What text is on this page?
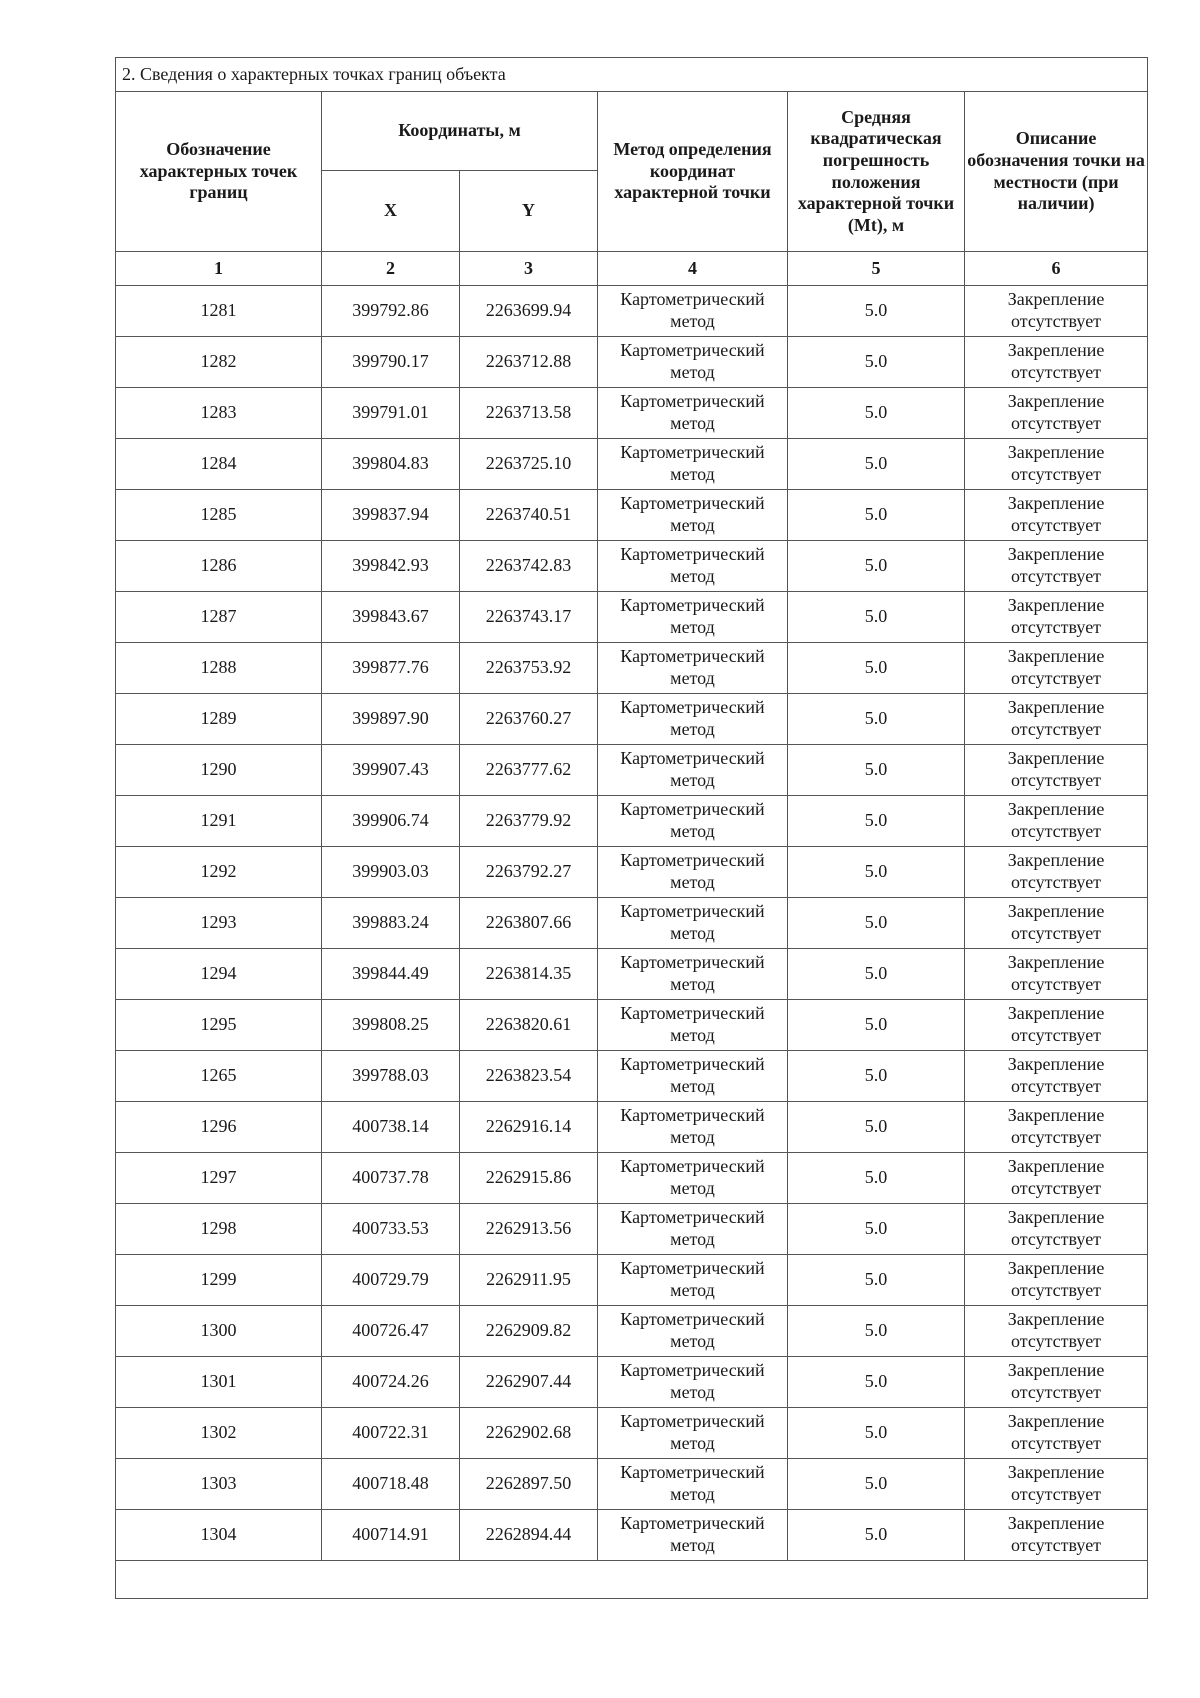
2. Сведения о характерных точках границ объекта					
Обозначение характерных точек границ	Координаты, м		Метод определения координат характерной точки	Средняя квадратическая погрешность положения характерной точки (Mt), м	Описание обозначения точки на местности (при наличии)
	X	Y			
1	2	3	4	5	6
1281	399792.86	2263699.94	Картометрический метод	5.0	Закрепление отсутствует
1282	399790.17	2263712.88	Картометрический метод	5.0	Закрепление отсутствует
1283	399791.01	2263713.58	Картометрический метод	5.0	Закрепление отсутствует
1284	399804.83	2263725.10	Картометрический метод	5.0	Закрепление отсутствует
1285	399837.94	2263740.51	Картометрический метод	5.0	Закрепление отсутствует
1286	399842.93	2263742.83	Картометрический метод	5.0	Закрепление отсутствует
1287	399843.67	2263743.17	Картометрический метод	5.0	Закрепление отсутствует
1288	399877.76	2263753.92	Картометрический метод	5.0	Закрепление отсутствует
1289	399897.90	2263760.27	Картометрический метод	5.0	Закрепление отсутствует
1290	399907.43	2263777.62	Картометрический метод	5.0	Закрепление отсутствует
1291	399906.74	2263779.92	Картометрический метод	5.0	Закрепление отсутствует
1292	399903.03	2263792.27	Картометрический метод	5.0	Закрепление отсутствует
1293	399883.24	2263807.66	Картометрический метод	5.0	Закрепление отсутствует
1294	399844.49	2263814.35	Картометрический метод	5.0	Закрепление отсутствует
1295	399808.25	2263820.61	Картометрический метод	5.0	Закрепление отсутствует
1265	399788.03	2263823.54	Картометрический метод	5.0	Закрепление отсутствует
1296	400738.14	2262916.14	Картометрический метод	5.0	Закрепление отсутствует
1297	400737.78	2262915.86	Картометрический метод	5.0	Закрепление отсутствует
1298	400733.53	2262913.56	Картометрический метод	5.0	Закрепление отсутствует
1299	400729.79	2262911.95	Картометрический метод	5.0	Закрепление отсутствует
1300	400726.47	2262909.82	Картометрический метод	5.0	Закрепление отсутствует
1301	400724.26	2262907.44	Картометрический метод	5.0	Закрепление отсутствует
1302	400722.31	2262902.68	Картометрический метод	5.0	Закрепление отсутствует
1303	400718.48	2262897.50	Картометрический метод	5.0	Закрепление отсутствует
1304	400714.91	2262894.44	Картометрический метод	5.0	Закрепление отсутствует
